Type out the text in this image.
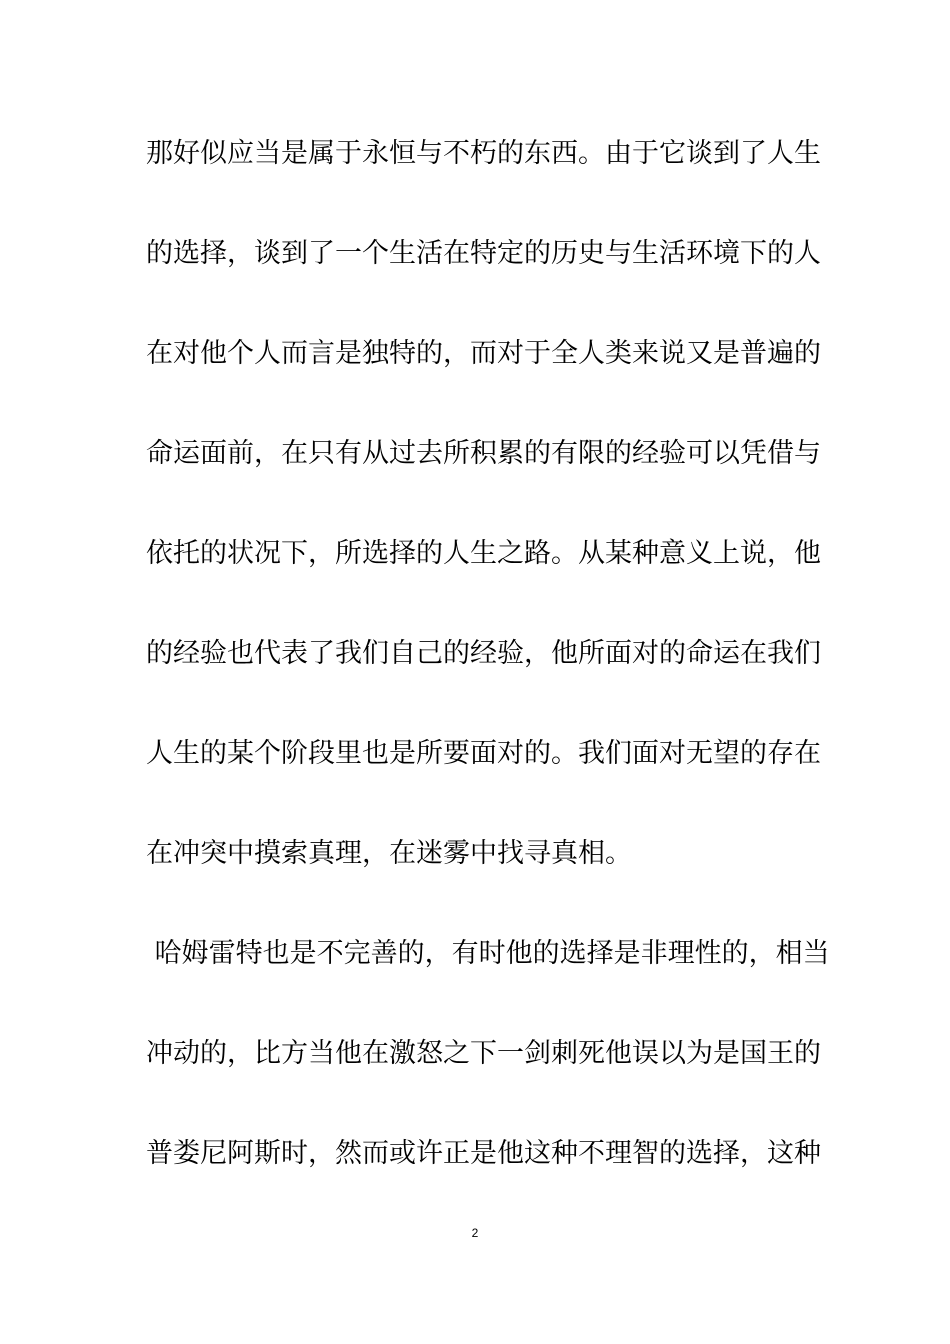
那好似应当是属于永恒与不朽的东西。由于它谈到了人生
的选择，谈到了一个生活在特定的历史与生活环境下的人
在对他个人而言是独特的，而对于全人类来说又是普遍的
命运面前，在只有从过去所积累的有限的经验可以凭借与
依托的状况下，所选择的人生之路。从某种意义上说，他
的经验也代表了我们自己的经验，他所面对的命运在我们
人生的某个阶段里也是所要面对的。我们面对无望的存在
在冲突中摸索真理，在迷雾中找寻真相。
哈姆雷特也是不完善的，有时他的选择是非理性的，相当
冲动的，比方当他在激怒之下一剑刺死他误以为是国王的
普娄尼阿斯时，然而或许正是他这种不理智的选择，这种
2
